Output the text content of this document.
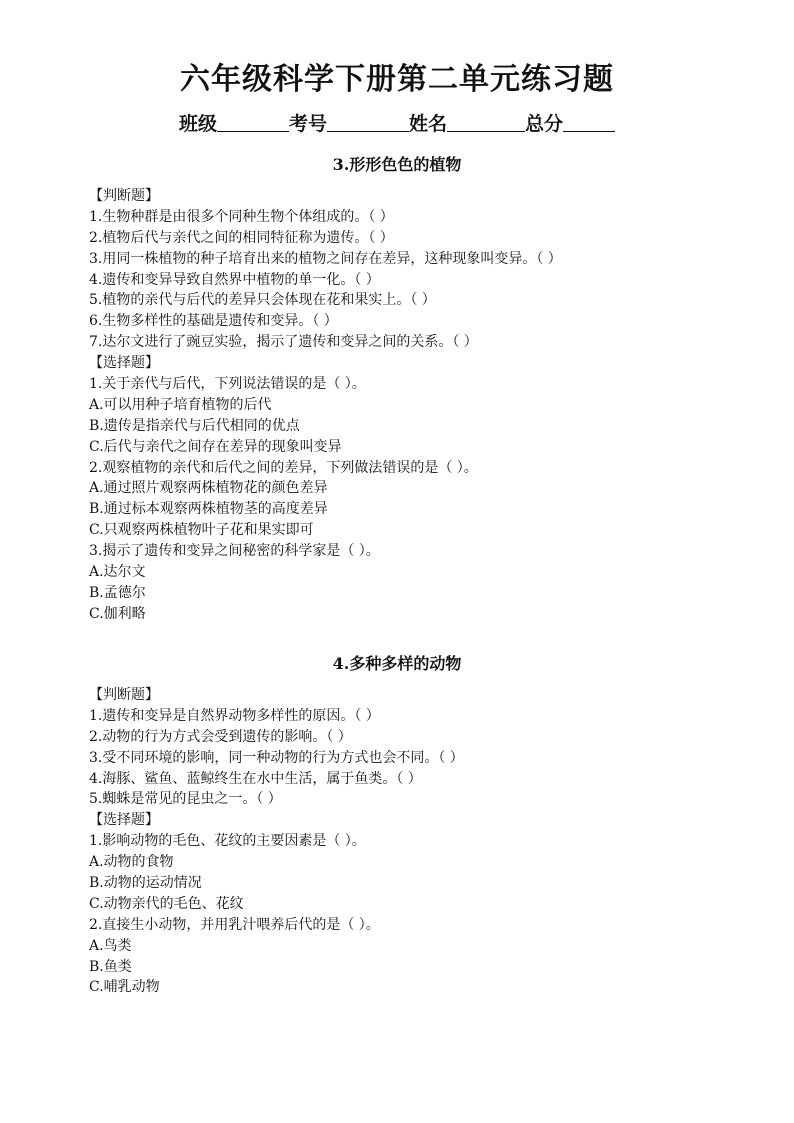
六年级科学下册第二单元练习题
班级	考号	姓名	总分
3.形形色色的植物
【判断题】
1.生物种群是由很多个同种生物个体组成的。（ ）
2.植物后代与亲代之间的相同特征称为遗传。（ ）
3.用同一株植物的种子培育出来的植物之间存在差异，这种现象叫变异。（ ）
4.遗传和变异导致自然界中植物的单一化。（ ）
5.植物的亲代与后代的差异只会体现在花和果实上。（ ）
6.生物多样性的基础是遗传和变异。（ ）
7.达尔文进行了豌豆实验，揭示了遗传和变异之间的关系。（ ）
【选择题】
1.关于亲代与后代，下列说法错误的是（ ）。
A.可以用种子培育植物的后代
B.遗传是指亲代与后代相同的优点
C.后代与亲代之间存在差异的现象叫变异
2.观察植物的亲代和后代之间的差异，下列做法错误的是（ ）。
A.通过照片观察两株植物花的颜色差异
B.通过标本观察两株植物茎的高度差异
C.只观察两株植物叶子花和果实即可
3.揭示了遗传和变异之间秘密的科学家是（ ）。
A.达尔文
B.孟德尔
C.伽利略
4.多种多样的动物
【判断题】
1.遗传和变异是自然界动物多样性的原因。（ ）
2.动物的行为方式会受到遗传的影响。（ ）
3.受不同环境的影响，同一种动物的行为方式也会不同。（ ）
4.海豚、鲨鱼、蓝鲸终生在水中生活，属于鱼类。（ ）
5.蜘蛛是常见的昆虫之一。（ ）
【选择题】
1.影响动物的毛色、花纹的主要因素是（ ）。
A.动物的食物
B.动物的运动情况
C.动物亲代的毛色、花纹
2.直接生小动物，并用乳汁喂养后代的是（ ）。
A.鸟类
B.鱼类
C.哺乳动物
